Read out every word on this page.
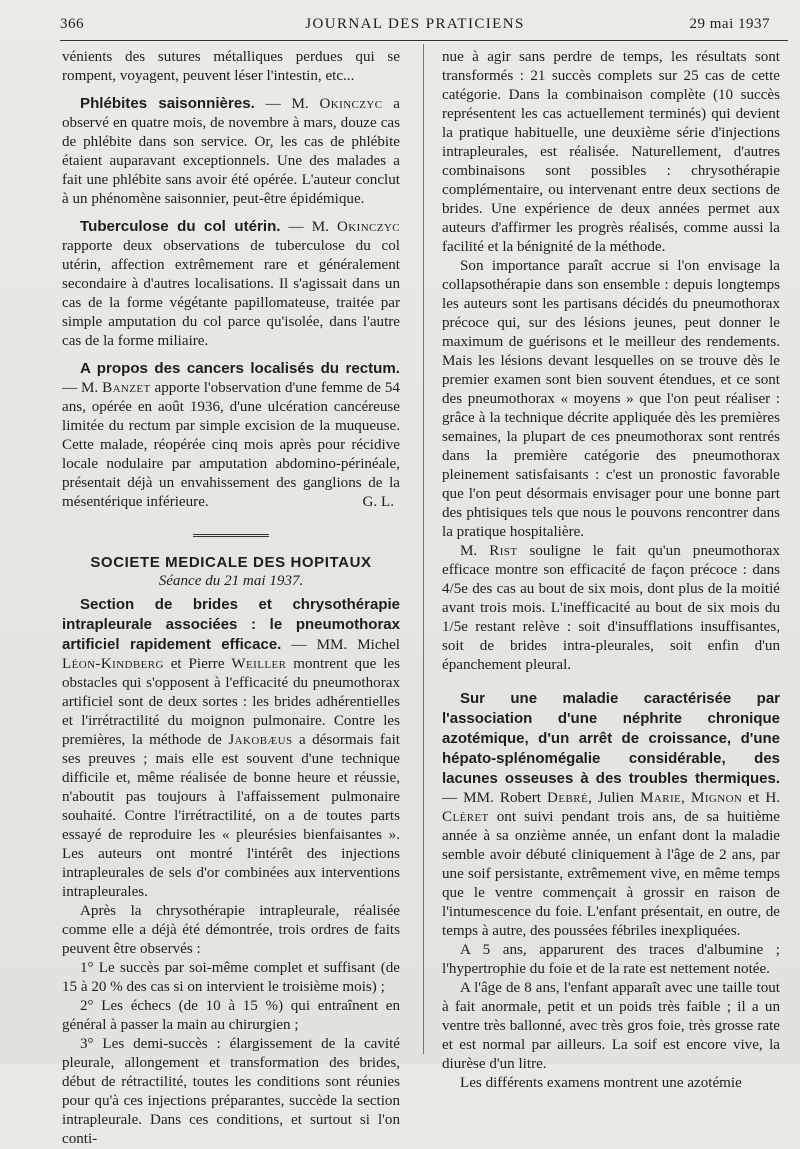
366	JOURNAL DES PRATICIENS	29 mai 1937

vénients des sutures métalliques perdues qui se rompent, voyagent, peuvent léser l'intestin, etc...

Phlébites saisonnières. — M. Okinczyc a observé en quatre mois, de novembre à mars, douze cas de phlébite dans son service. Or, les cas de phlébite étaient auparavant exceptionnels. Une des malades a fait une phlébite sans avoir été opérée. L'auteur conclut à un phénomène saisonnier, peut-être épidémique.

Tuberculose du col utérin. — M. Okinczyc rapporte deux observations de tuberculose du col utérin, affection extrêmement rare et généralement secondaire à d'autres localisations. Il s'agissait dans un cas de la forme végétante papillomateuse, traitée par simple amputation du col parce qu'isolée, dans l'autre cas de la forme miliaire.

A propos des cancers localisés du rectum. — M. Banzet apporte l'observation d'une femme de 54 ans, opérée en août 1936, d'une ulcération cancéreuse limitée du rectum par simple excision de la muqueuse. Cette malade, réopérée cinq mois après pour récidive locale nodulaire par amputation abdomino-périnéale, présentait déjà un envahissement des ganglions de la mésentérique inférieure.	G. L.

SOCIETE MEDICALE DES HOPITAUX
Séance du 21 mai 1937.

Section de brides et chrysothérapie intrapleurale associées : le pneumothorax artificiel rapidement efficace. — MM. Michel Léon-Kindberg et Pierre Weiller montrent que les obstacles qui s'opposent à l'efficacité du pneumothorax artificiel sont de deux sortes : les brides adhérentielles et l'irrétractilité du moignon pulmonaire. Contre les premières, la méthode de Jakobæus a désormais fait ses preuves ; mais elle est souvent d'une technique difficile et, même réalisée de bonne heure et réussie, n'aboutit pas toujours à l'affaissement pulmonaire souhaité. Contre l'irrétractilité, on a de toutes parts essayé de reproduire les « pleurésies bienfaisantes ». Les auteurs ont montré l'intérêt des injections intrapleurales de sels d'or combinées aux interventions intrapleurales.

Après la chrysothérapie intrapleurale, réalisée comme elle a déjà été démontrée, trois ordres de faits peuvent être observés :

1° Le succès par soi-même complet et suffisant (de 15 à 20 % des cas si on intervient le troisième mois) ;

2° Les échecs (de 10 à 15 %) qui entraînent en général à passer la main au chirurgien ;

3° Les demi-succès : élargissement de la cavité pleurale, allongement et transformation des brides, début de rétractilité, toutes les conditions sont réunies pour qu'à ces injections préparantes, succède la section intrapleurale. Dans ces conditions, et surtout si l'on conti-

nue à agir sans perdre de temps, les résultats sont transformés : 21 succès complets sur 25 cas de cette catégorie. Dans la combinaison complète (10 succès représentent les cas actuellement terminés) qui devient la pratique habituelle, une deuxième série d'injections intrapleurales, est réalisée. Naturellement, d'autres combinaisons sont possibles : chrysothérapie complémentaire, ou intervenant entre deux sections de brides. Une expérience de deux années permet aux auteurs d'affirmer les progrès réalisés, comme aussi la facilité et la bénignité de la méthode.

Son importance paraît accrue si l'on envisage la collapsothérapie dans son ensemble : depuis longtemps les auteurs sont les partisans décidés du pneumothorax précoce qui, sur des lésions jeunes, peut donner le maximum de guérisons et le meilleur des rendements. Mais les lésions devant lesquelles on se trouve dès le premier examen sont bien souvent étendues, et ce sont des pneumothorax « moyens » que l'on peut réaliser : grâce à la technique décrite appliquée dès les premières semaines, la plupart de ces pneumothorax sont rentrés dans la première catégorie des pneumothorax pleinement satisfaisants : c'est un pronostic favorable que l'on peut désormais envisager pour une bonne part des phtisiques tels que nous le pouvons rencontrer dans la pratique hospitalière.

M. Rist souligne le fait qu'un pneumothorax efficace montre son efficacité de façon précoce : dans 4/5e des cas au bout de six mois, dont plus de la moitié avant trois mois. L'inefficacité au bout de six mois du 1/5e restant relève : soit d'insufflations insuffisantes, soit de brides intra-pleurales, soit enfin d'un épanchement pleural.

Sur une maladie caractérisée par l'association d'une néphrite chronique azotémique, d'un arrêt de croissance, d'une hépato-splénomégalie considérable, des lacunes osseuses à des troubles thermiques. — MM. Robert Debré, Julien Marie, Mignon et H. Cléret ont suivi pendant trois ans, de sa huitième année à sa onzième année, un enfant dont la maladie semble avoir débuté cliniquement à l'âge de 2 ans, par une soif persistante, extrêmement vive, en même temps que le ventre commençait à grossir en raison de l'intumescence du foie. L'enfant présentait, en outre, de temps à autre, des poussées fébriles inexpliquées.

A 5 ans, apparurent des traces d'albumine ; l'hypertrophie du foie et de la rate est nettement notée.

A l'âge de 8 ans, l'enfant apparaît avec une taille tout à fait anormale, petit et un poids très faible ; il a un ventre très ballonné, avec très gros foie, très grosse rate et est normal par ailleurs. La soif est encore vive, la diurèse d'un litre.

Les différents examens montrent une azotémie
